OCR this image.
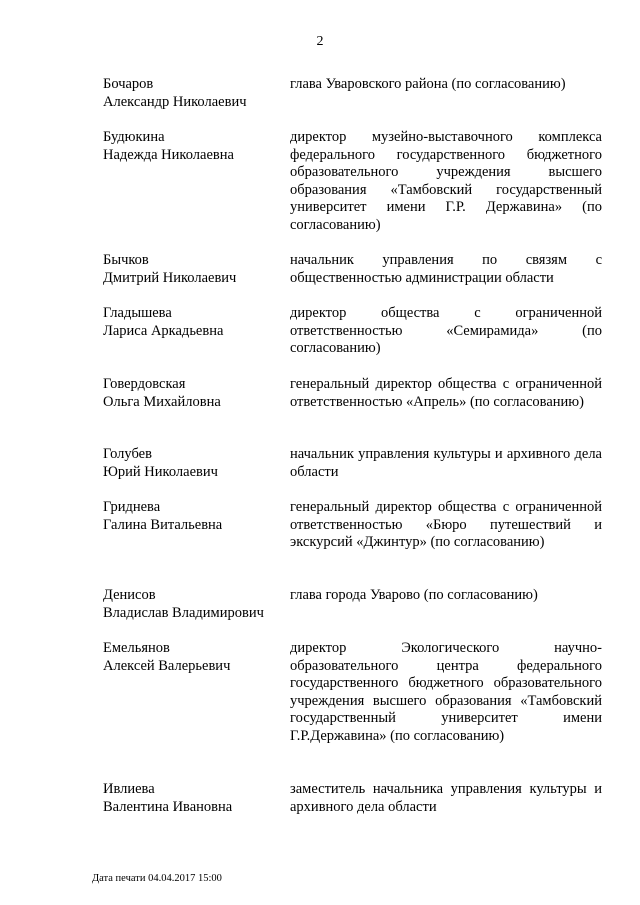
2
Бочаров
Александр Николаевич
глава Уваровского района (по согласованию)
Будюкина
Надежда Николаевна
директор музейно-выставочного комплекса федерального государственного бюджетного образовательного учреждения высшего образования «Тамбовский государственный университет имени Г.Р. Державина» (по согласованию)
Бычков
Дмитрий Николаевич
начальник управления по связям с общественностью администрации области
Гладышева
Лариса Аркадьевна
директор общества с ограниченной ответственностью «Семирамида» (по согласованию)
Говердовская
Ольга Михайловна
генеральный директор общества с ограниченной ответственностью «Апрель» (по согласованию)
Голубев
Юрий Николаевич
начальник управления культуры и архивного дела области
Гриднева
Галина Витальевна
генеральный директор общества с ограниченной ответственностью «Бюро путешествий и экскурсий «Джинтур» (по согласованию)
Денисов
Владислав Владимирович
глава города Уварово (по согласованию)
Емельянов
Алексей Валерьевич
директор Экологического научно-образовательного центра федерального государственного бюджетного образовательного учреждения высшего образования «Тамбовский государственный университет имени Г.Р.Державина» (по согласованию)
Ивлиева
Валентина Ивановна
заместитель начальника управления культуры и архивного дела области
Дата печати 04.04.2017 15:00
